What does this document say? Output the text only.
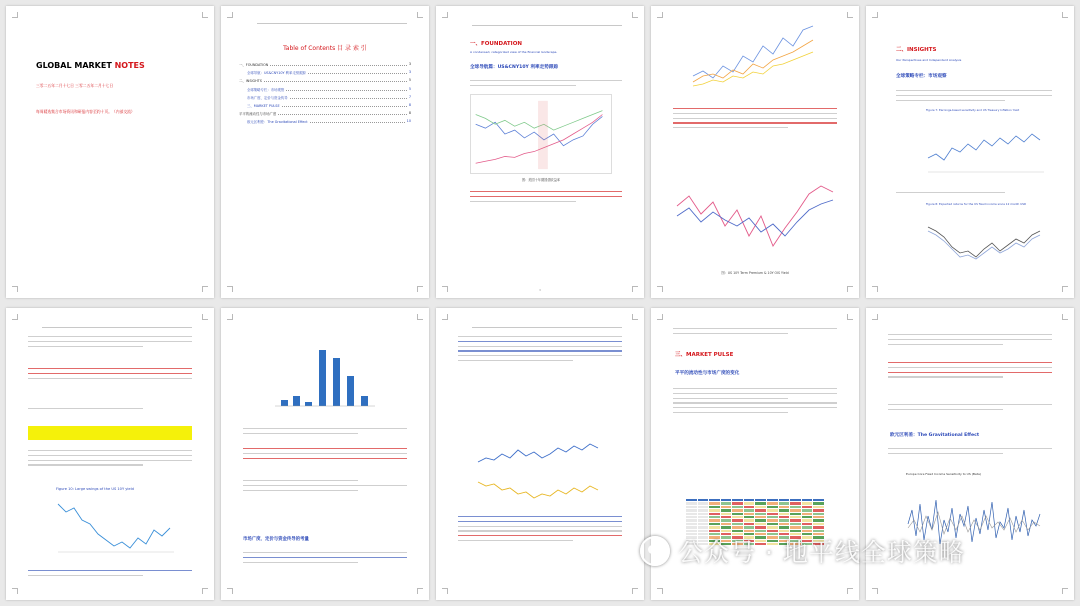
GLOBAL MARKET NOTES
三零二五年二月十七日 三零二五年二月十七日
每周精选集合市场资讯和研报内容至约十页。（内部交流）

Table of Contents 目 录 索 引
一、FOUNDATION	3
全球导航：US&CNY10Y 利率走势跟踪	3
二、INSIGHTS	5
全球策略专栏：市场观察	5
市场广度、定价与资金传导	7
三、MARKET PULSE	8
平平的流动性与市场广度	8
欧元区利差：The Gravitational Effect	10

一、FOUNDATION
A condensed, categorized view of the financial landscape.
全球导航篇：US&CNY10Y 利率走势跟踪
图：美国十年期国债收益率
3

图：US 10Y Term Premium & 10Y OIS Yield
二、INSIGHTS
Our Perspectives and Independent Analysis
全球策略专栏：市场观察
Figure 7: Earnings-based sensitivity and US Treasury Inflation Yield
Figure 8: Expected returns for the US fixed income since 12 month USD

Figure 10: Large swings of the US 10Y yield
市场广度、定价与资金传导的考量

三、MARKET PULSE
平平的流动性与市场广度的变化

欧元区利差：The Gravitational Effect
Europe Core Fixed Income Sensitivity to US (Beta)
公众号 · 地平线全球策略
